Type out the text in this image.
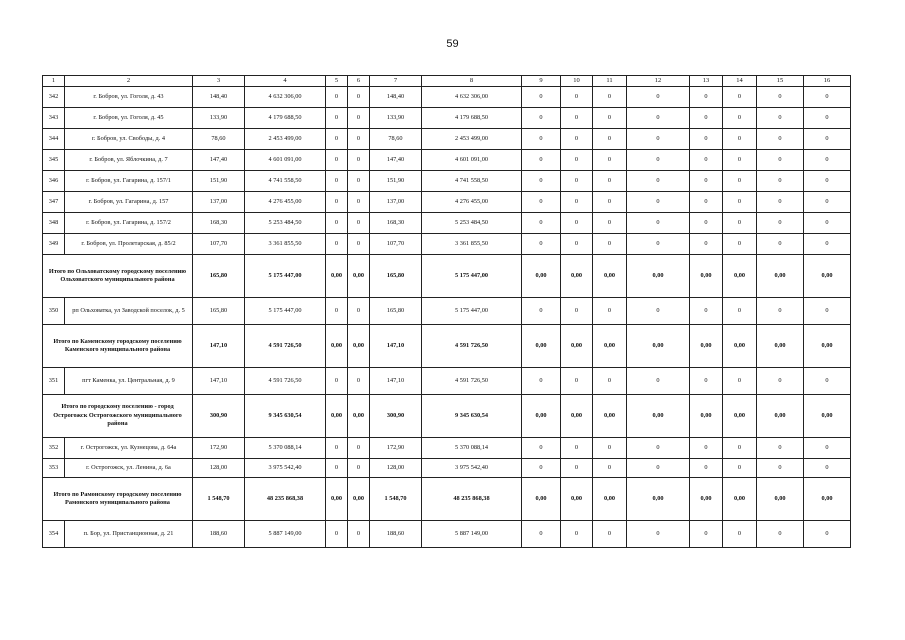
59
1	2	3	4	5	6	7	8	9	10	11	12	13	14	15	16
342	г. Бобров, ул. Гоголя, д. 43	148,40	4 632 306,00	0	0	148,40	4 632 306,00	0	0	0	0	0	0	0	0
343	г. Бобров, ул. Гоголя, д. 45	133,90	4 179 688,50	0	0	133,90	4 179 688,50	0	0	0	0	0	0	0	0
344	г. Бобров, ул. Свободы, д. 4	78,60	2 453 499,00	0	0	78,60	2 453 499,00	0	0	0	0	0	0	0	0
345	г. Бобров, ул. Яблочкина, д. 7	147,40	4 601 091,00	0	0	147,40	4 601 091,00	0	0	0	0	0	0	0	0
346	г. Бобров, ул. Гагарина, д. 157/1	151,90	4 741 558,50	0	0	151,90	4 741 558,50	0	0	0	0	0	0	0	0
347	г. Бобров, ул. Гагарина, д. 157	137,00	4 276 455,00	0	0	137,00	4 276 455,00	0	0	0	0	0	0	0	0
348	г. Бобров, ул. Гагарина, д. 157/2	168,30	5 253 484,50	0	0	168,30	5 253 484,50	0	0	0	0	0	0	0	0
349	г. Бобров, ул. Пролетарская, д. 85/2	107,70	3 361 855,50	0	0	107,70	3 361 855,50	0	0	0	0	0	0	0	0
Итого по Ольховатскому городскому поселению Ольховатского муниципального района		165,80	5 175 447,00	0,00	0,00	165,80	5 175 447,00	0,00	0,00	0,00	0,00	0,00	0,00	0,00	0,00
350	рп Ольховатка, ул Заводской поселок, д. 5	165,80	5 175 447,00	0	0	165,80	5 175 447,00	0	0	0	0	0	0	0	0
Итого по Каменскому городскому поселению Каменского муниципального района		147,10	4 591 726,50	0,00	0,00	147,10	4 591 726,50	0,00	0,00	0,00	0,00	0,00	0,00	0,00	0,00
351	пгт Каменка, ул. Центральная, д. 9	147,10	4 591 726,50	0	0	147,10	4 591 726,50	0	0	0	0	0	0	0	0
Итого по городскому поселению - город Острогожск Острогожского муниципального района		300,90	9 345 630,54	0,00	0,00	300,90	9 345 630,54	0,00	0,00	0,00	0,00	0,00	0,00	0,00	0,00
352	г. Острогожск, ул. Кузнецова, д. 64а	172,90	5 370 088,14	0	0	172,90	5 370 088,14	0	0	0	0	0	0	0	0
353	г. Острогожск, ул. Ленина, д. 6а	128,00	3 975 542,40	0	0	128,00	3 975 542,40	0	0	0	0	0	0	0	0
Итого по Рамонскому городскому поселению Рамонского муниципального района		1 548,70	48 235 868,38	0,00	0,00	1 548,70	48 235 868,38	0,00	0,00	0,00	0,00	0,00	0,00	0,00	0,00
354	п. Бор, ул. Пристанционная, д. 21	188,60	5 887 149,00	0	0	188,60	5 887 149,00	0	0	0	0	0	0	0	0
